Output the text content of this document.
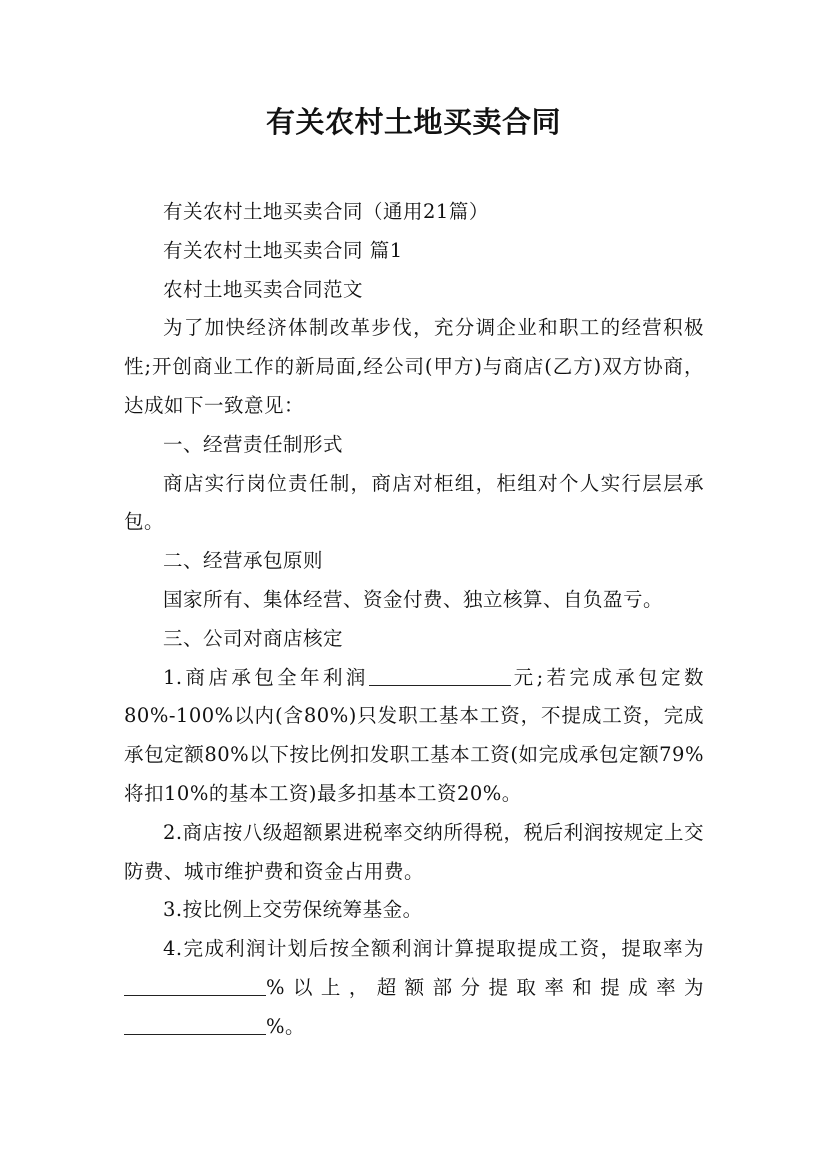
有关农村土地买卖合同

有关农村土地买卖合同（通用21篇）

有关农村土地买卖合同 篇1

农村土地买卖合同范文

为了加快经济体制改革步伐，充分调企业和职工的经营积极性;开创商业工作的新局面,经公司(甲方)与商店(乙方)双方协商，达成如下一致意见：

一、经营责任制形式

商店实行岗位责任制，商店对柜组，柜组对个人实行层层承包。

二、经营承包原则

国家所有、集体经营、资金付费、独立核算、自负盈亏。

三、公司对商店核定

1.商店承包全年利润	元;若完成承包定数80%-100%以内(含80%)只发职工基本工资，不提成工资，完成承包定额80%以下按比例扣发职工基本工资(如完成承包定额79%将扣10%的基本工资)最多扣基本工资20%。

2.商店按八级超额累进税率交纳所得税，税后利润按规定上交防费、城市维护费和资金占用费。

3.按比例上交劳保统筹基金。

4.完成利润计划后按全额利润计算提取提成工资，提取率为%以上，超额部分提取率和提成率为%。
